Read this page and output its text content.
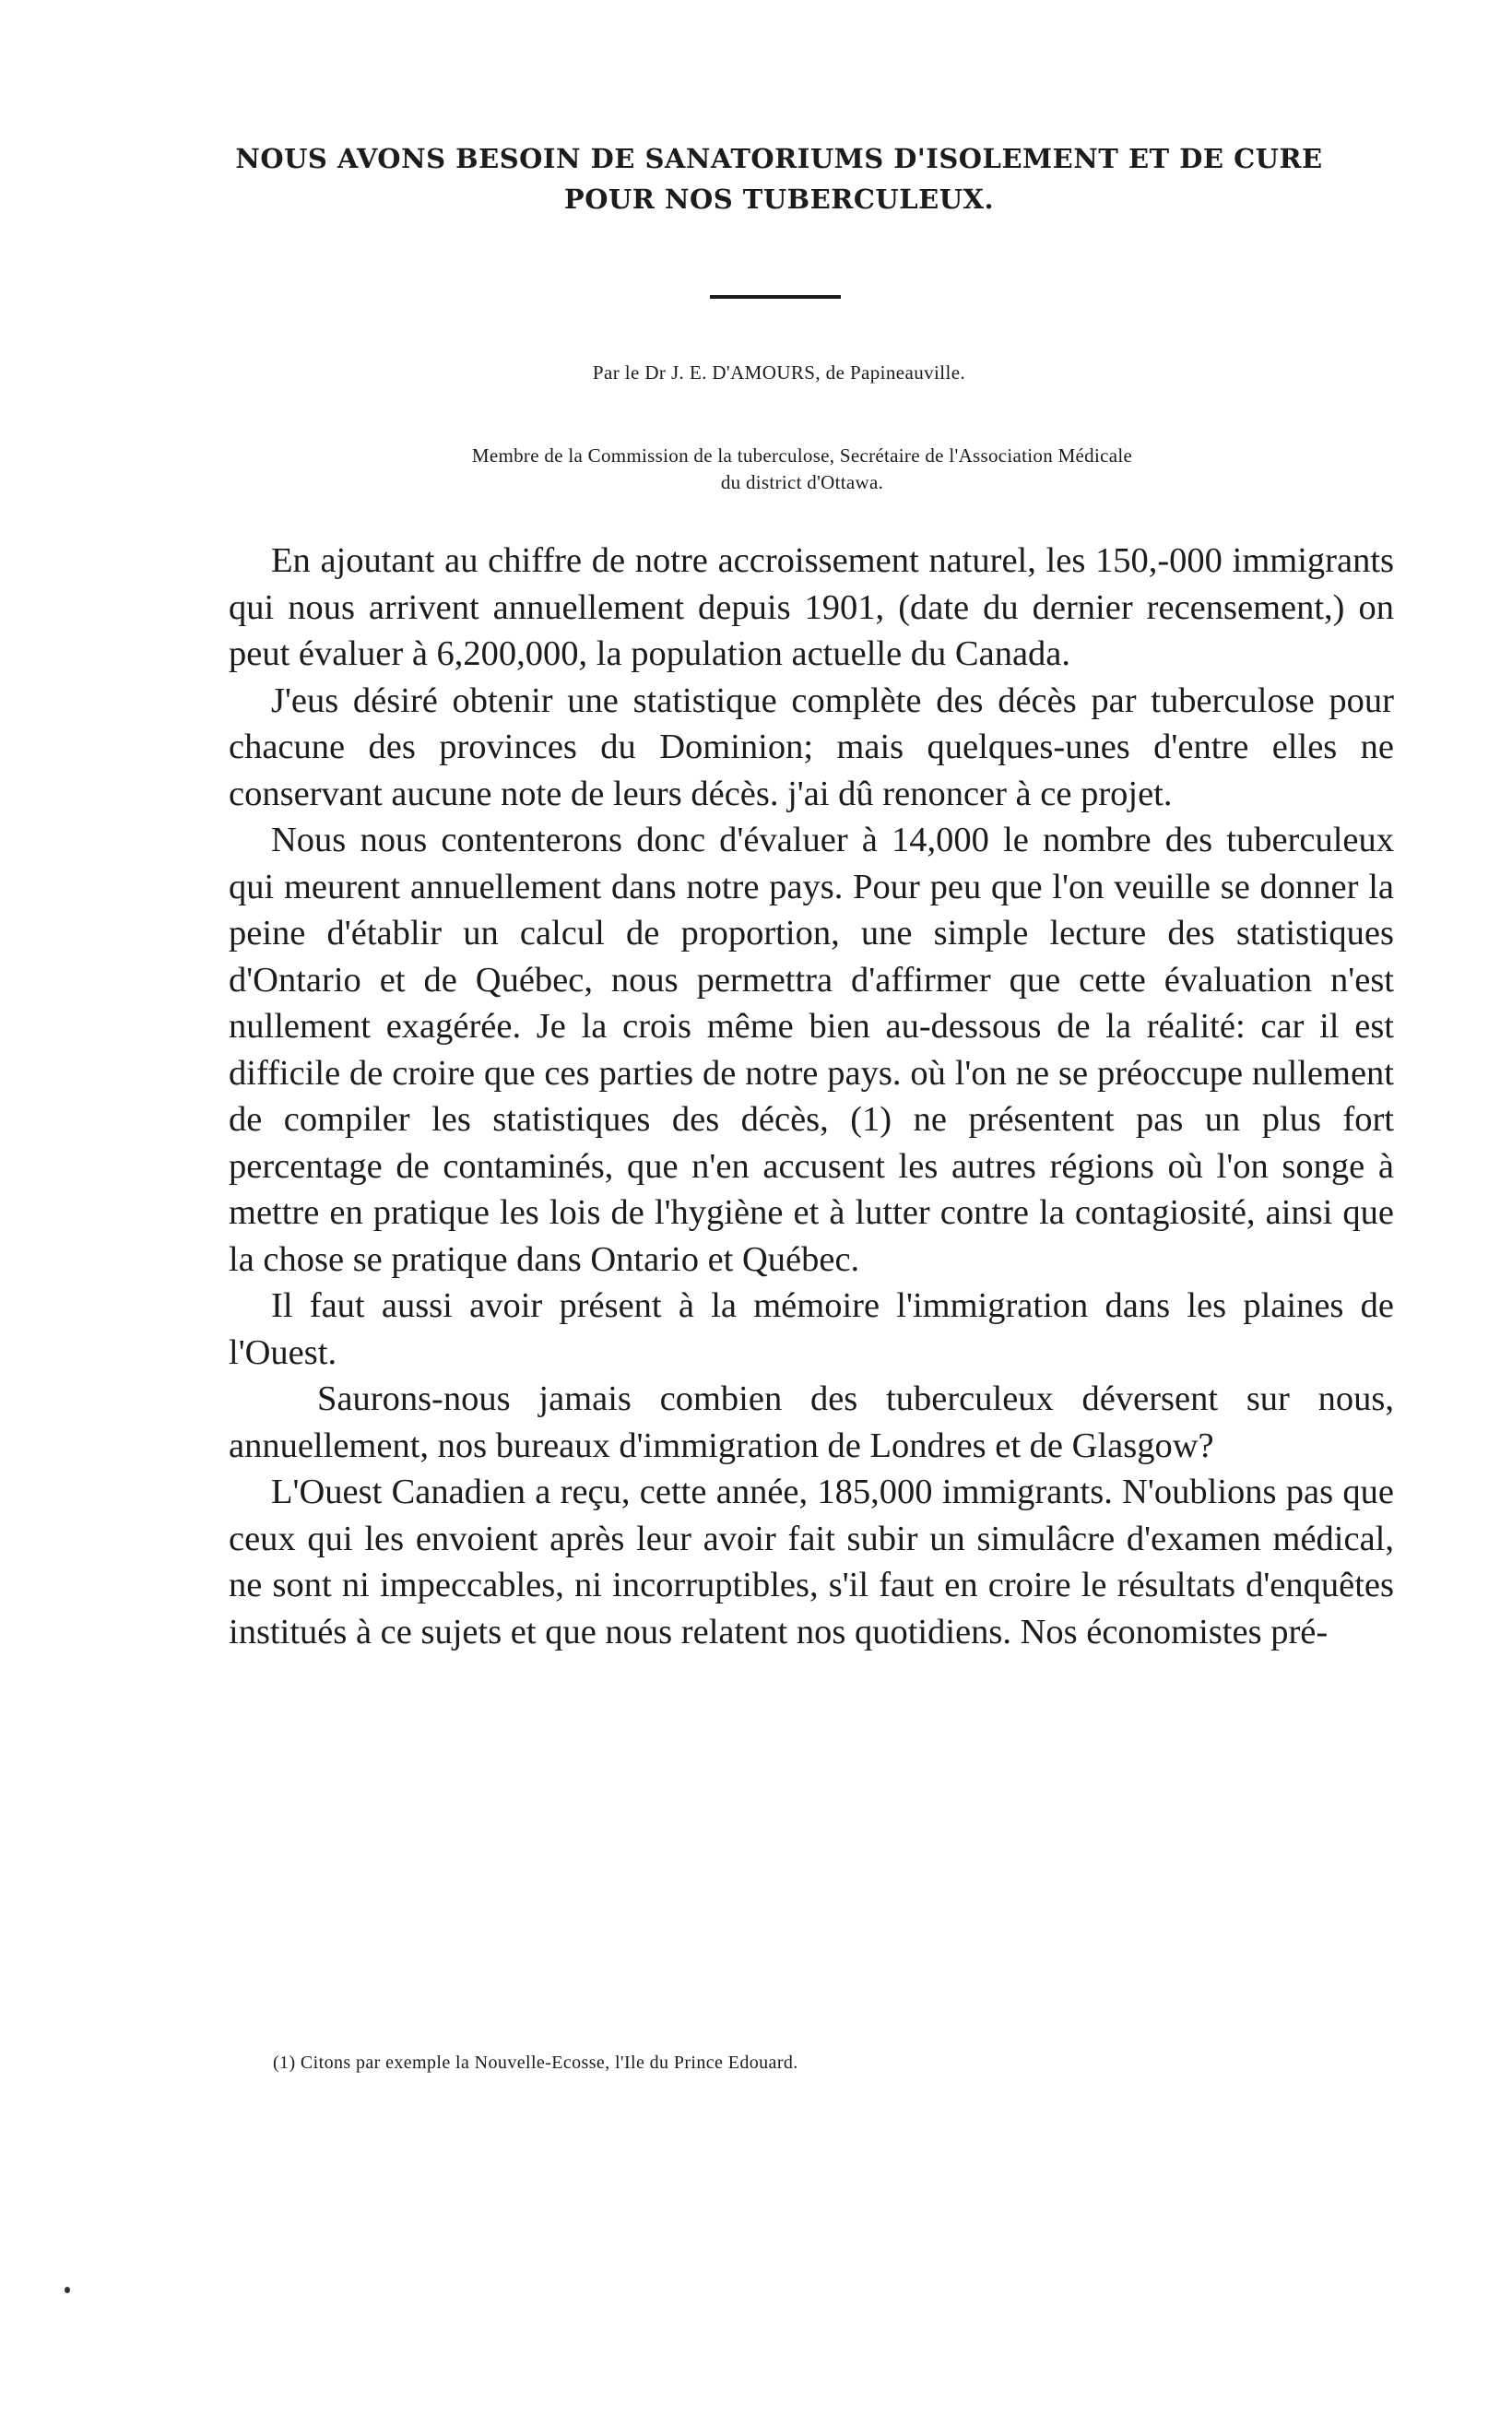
NOUS AVONS BESOIN DE SANATORIUMS D'ISOLEMENT ET DE CURE
POUR NOS TUBERCULEUX.
Par le Dr J. E. D'AMOURS, de Papineauville.
Membre de la Commission de la tuberculose, Secrétaire de l'Association Médicale
du district d'Ottawa.

En ajoutant au chiffre de notre accroissement naturel, les 150,-000 immigrants qui nous arrivent annuellement depuis 1901, (date du dernier recensement,) on peut évaluer à 6,200,000, la population actuelle du Canada.

J'eus désiré obtenir une statistique complète des décès par tuberculose pour chacune des provinces du Dominion; mais quelques-unes d'entre elles ne conservant aucune note de leurs décès. j'ai dû renoncer à ce projet.

Nous nous contenterons donc d'évaluer à 14,000 le nombre des tuberculeux qui meurent annuellement dans notre pays. Pour peu que l'on veuille se donner la peine d'établir un calcul de proportion, une simple lecture des statistiques d'Ontario et de Québec, nous permettra d'affirmer que cette évaluation n'est nullement exagérée. Je la crois même bien au-dessous de la réalité: car il est difficile de croire que ces parties de notre pays. où l'on ne se préoccupe nullement de compiler les statistiques des décès, (1) ne présentent pas un plus fort percentage de contaminés, que n'en accusent les autres régions où l'on songe à mettre en pratique les lois de l'hygiène et à lutter contre la contagiosité, ainsi que la chose se pratique dans Ontario et Québec.

Il faut aussi avoir présent à la mémoire l'immigration dans les plaines de l'Ouest.

Saurons-nous jamais combien des tuberculeux déversent sur nous, annuellement, nos bureaux d'immigration de Londres et de Glasgow?

L'Ouest Canadien a reçu, cette année, 185,000 immigrants. N'oublions pas que ceux qui les envoient après leur avoir fait subir un simulâcre d'examen médical, ne sont ni impeccables, ni incorruptibles, s'il faut en croire le résultats d'enquêtes institués à ce sujets et que nous relatent nos quotidiens. Nos économistes pré-

(1) Citons par exemple la Nouvelle-Ecosse, l'Ile du Prince Edouard.
